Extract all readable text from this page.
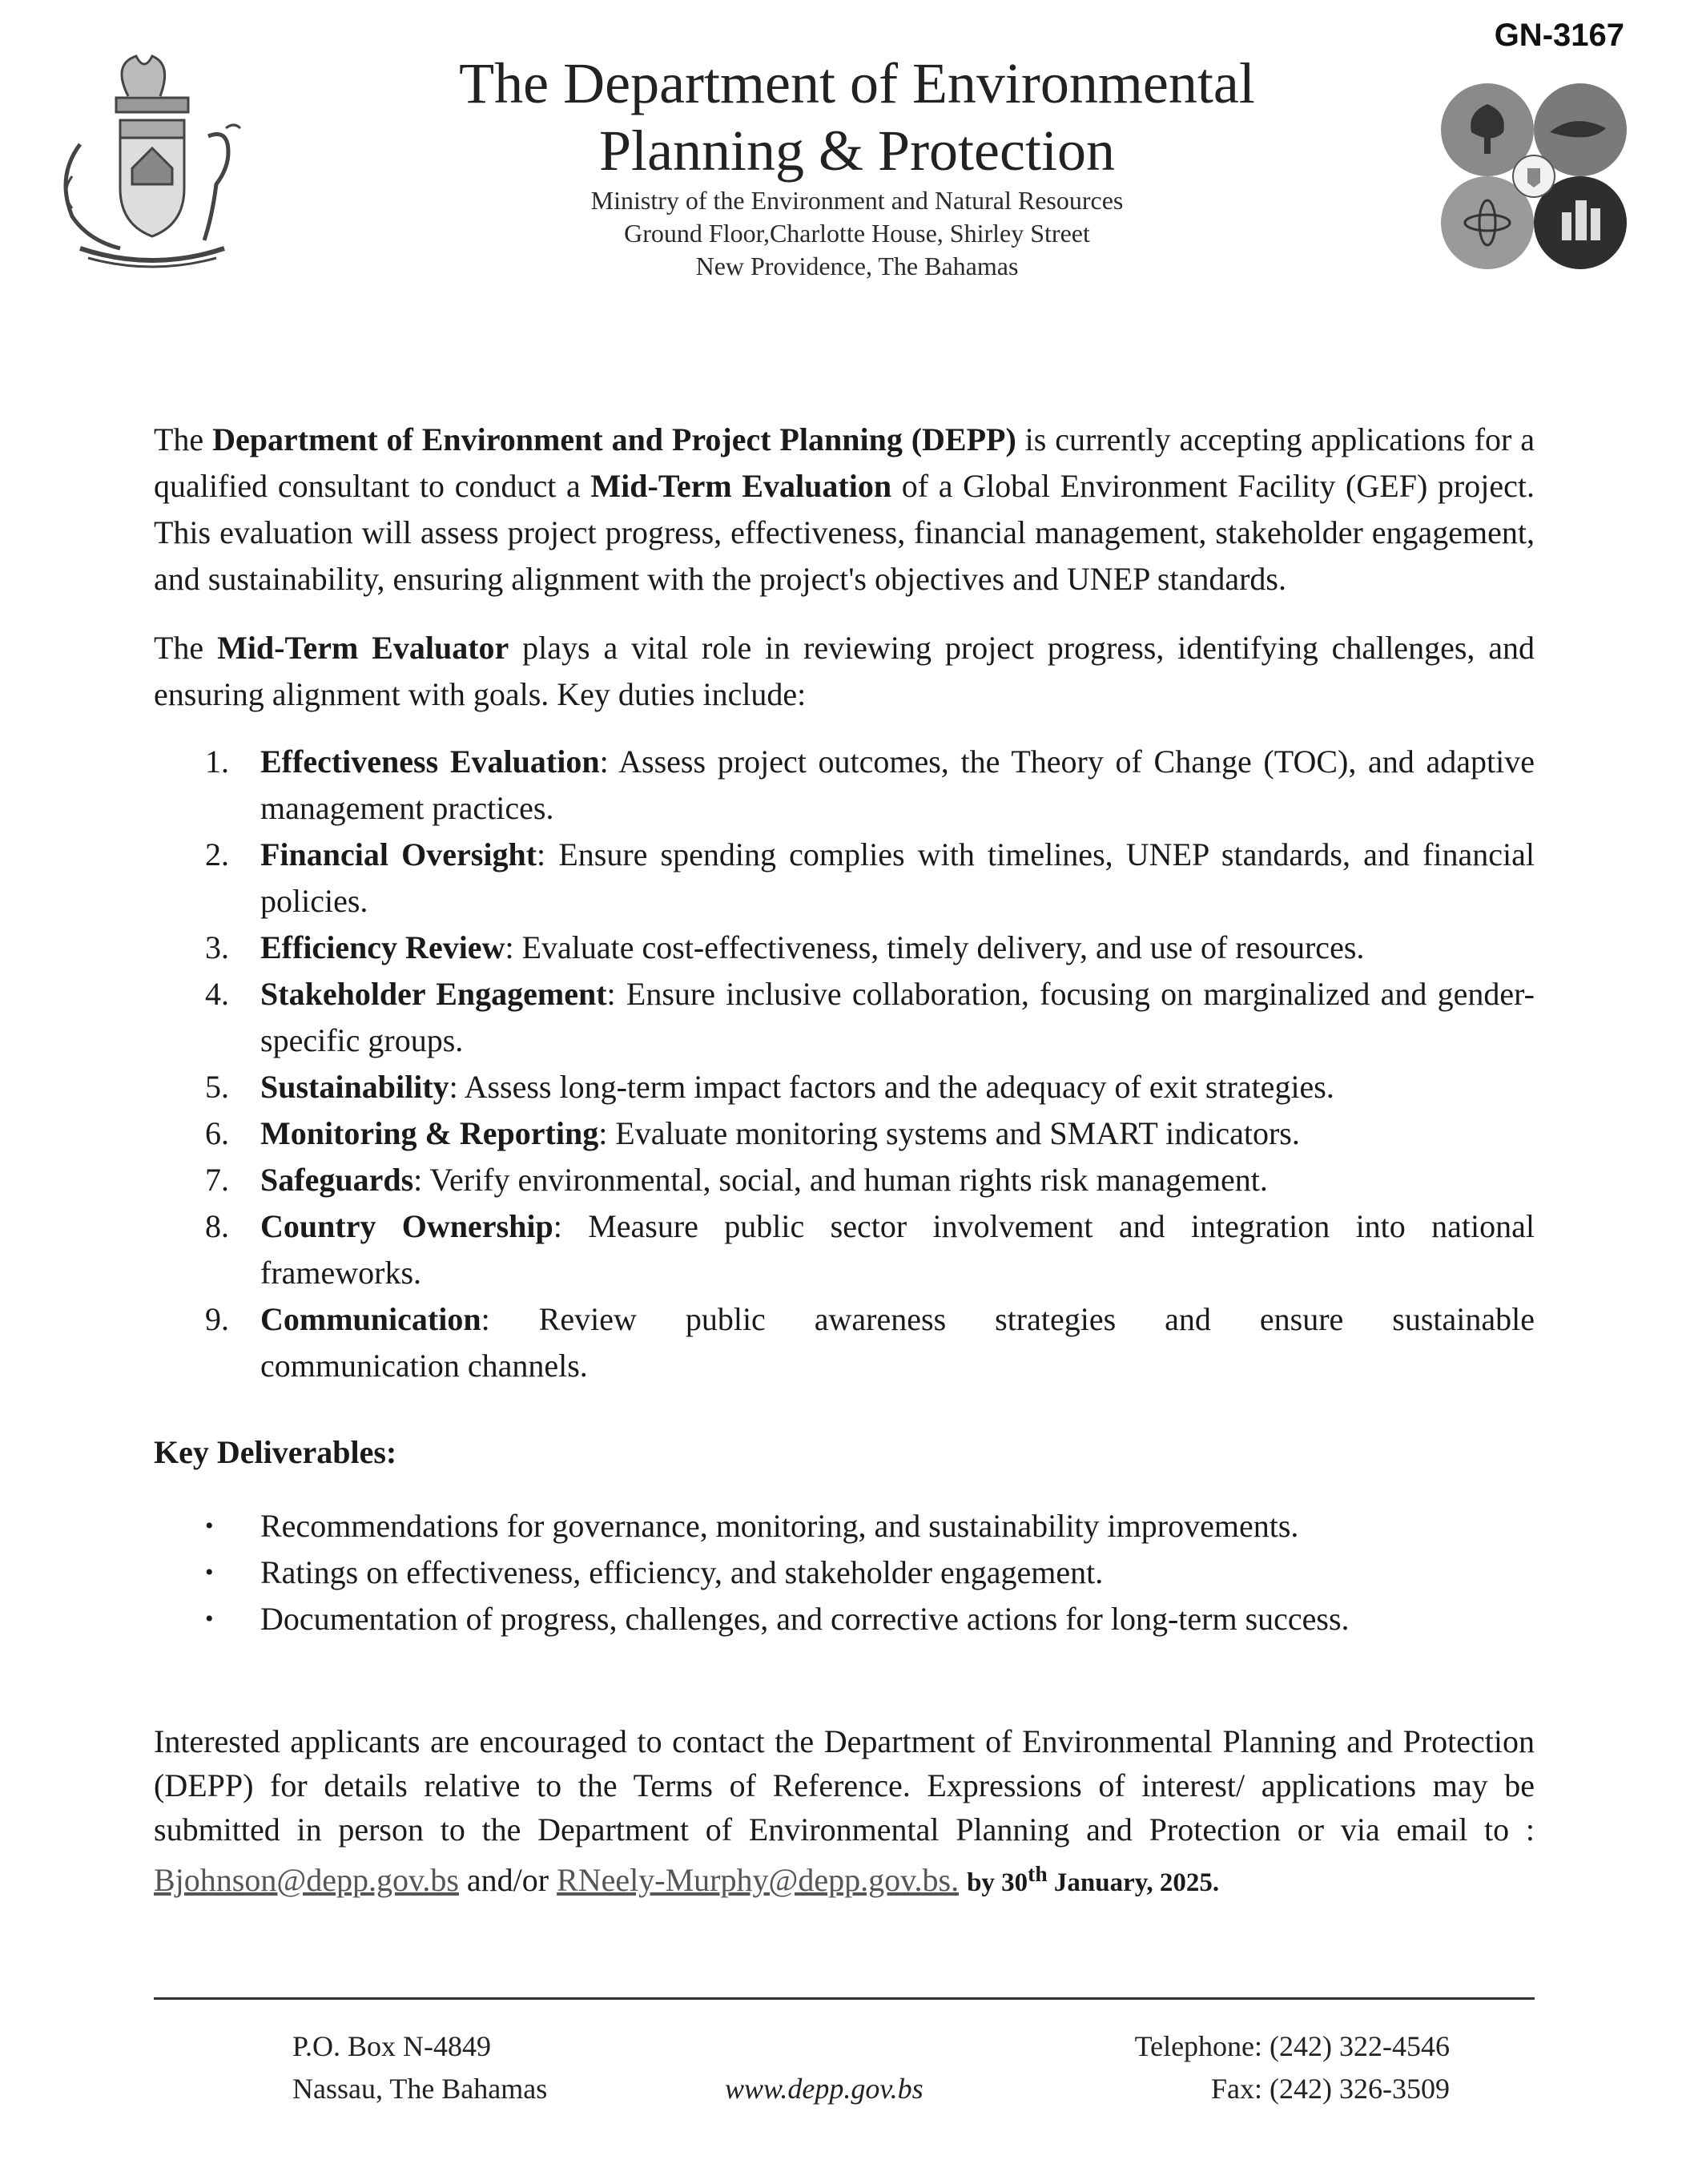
GN-3167
The Department of Environmental
Planning & Protection
Ministry of the Environment and Natural Resources
Ground Floor,Charlotte House, Shirley Street
New Providence, The Bahamas

The Department of Environment and Project Planning (DEPP) is currently accepting applications for a qualified consultant to conduct a Mid-Term Evaluation of a Global Environment Facility (GEF) project. This evaluation will assess project progress, effectiveness, financial management, stakeholder engagement, and sustainability, ensuring alignment with the project's objectives and UNEP standards.

The Mid-Term Evaluator plays a vital role in reviewing project progress, identifying challenges, and ensuring alignment with goals. Key duties include:

1. Effectiveness Evaluation: Assess project outcomes, the Theory of Change (TOC), and adaptive management practices.
2. Financial Oversight: Ensure spending complies with timelines, UNEP standards, and financial policies.
3. Efficiency Review: Evaluate cost-effectiveness, timely delivery, and use of resources.
4. Stakeholder Engagement: Ensure inclusive collaboration, focusing on marginalized and gender-specific groups.
5. Sustainability: Assess long-term impact factors and the adequacy of exit strategies.
6. Monitoring & Reporting: Evaluate monitoring systems and SMART indicators.
7. Safeguards: Verify environmental, social, and human rights risk management.
8. Country Ownership: Measure public sector involvement and integration into national frameworks.
9. Communication: Review public awareness strategies and ensure sustainable
communication channels.
Key Deliverables:
•	Recommendations for governance, monitoring, and sustainability improvements.
•	Ratings on effectiveness, efficiency, and stakeholder engagement.
•	Documentation of progress, challenges, and corrective actions for long-term success.

Interested applicants are encouraged to contact the Department of Environmental Planning and Protection (DEPP) for details relative to the Terms of Reference. Expressions of interest/ applications may be submitted in person to the Department of Environmental Planning and Protection or via email to : Bjohnson@depp.gov.bs and/or RNeely-Murphy@depp.gov.bs. by 30th January, 2025.

P.O. Box N-4849
Nassau, The Bahamas	www.depp.gov.bs
Telephone: (242) 322-4546
Fax: (242) 326-3509
